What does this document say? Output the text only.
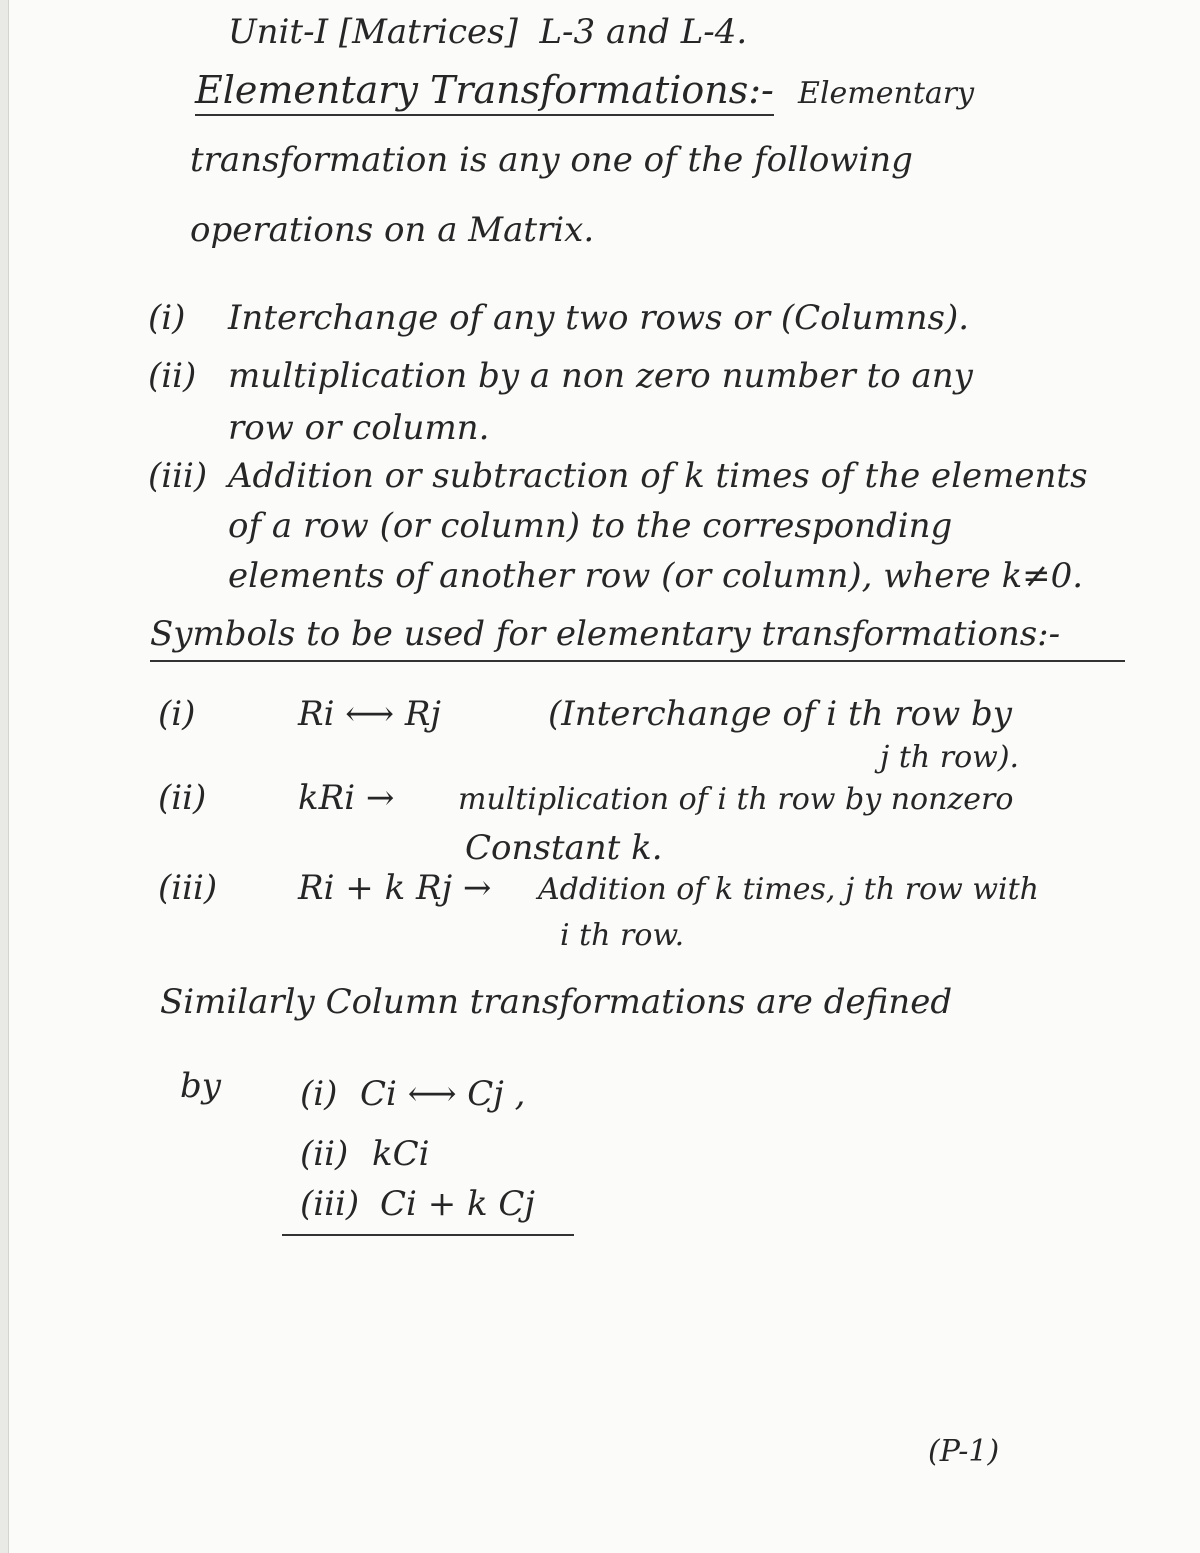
Unit-I [Matrices] L-3 and L-4.
Elementary Transformations:- Elementary
transformation is any one of the following
operations on a Matrix.
(i) Interchange of any two rows or (Columns).
(ii) multiplication by a non zero number to any
row or column.
(iii) Addition or subtraction of k times of the elements
of a row (or column) to the corresponding
elements of another row (or column), where k≠0.
Symbols to be used for elementary transformations:-
(i)	Ri ⟷ Rj	(Interchange of i th row by
j th row).
(ii)	kRi → multiplication of i th row by nonzero
Constant k.
(iii) Ri + k Rj → Addition of k times, j th row with
i th row.
Similarly Column transformations are defined
by (i) Ci ⟷ Cj ,
(ii) kCi
(iii) Ci + k Cj
(P-1)
